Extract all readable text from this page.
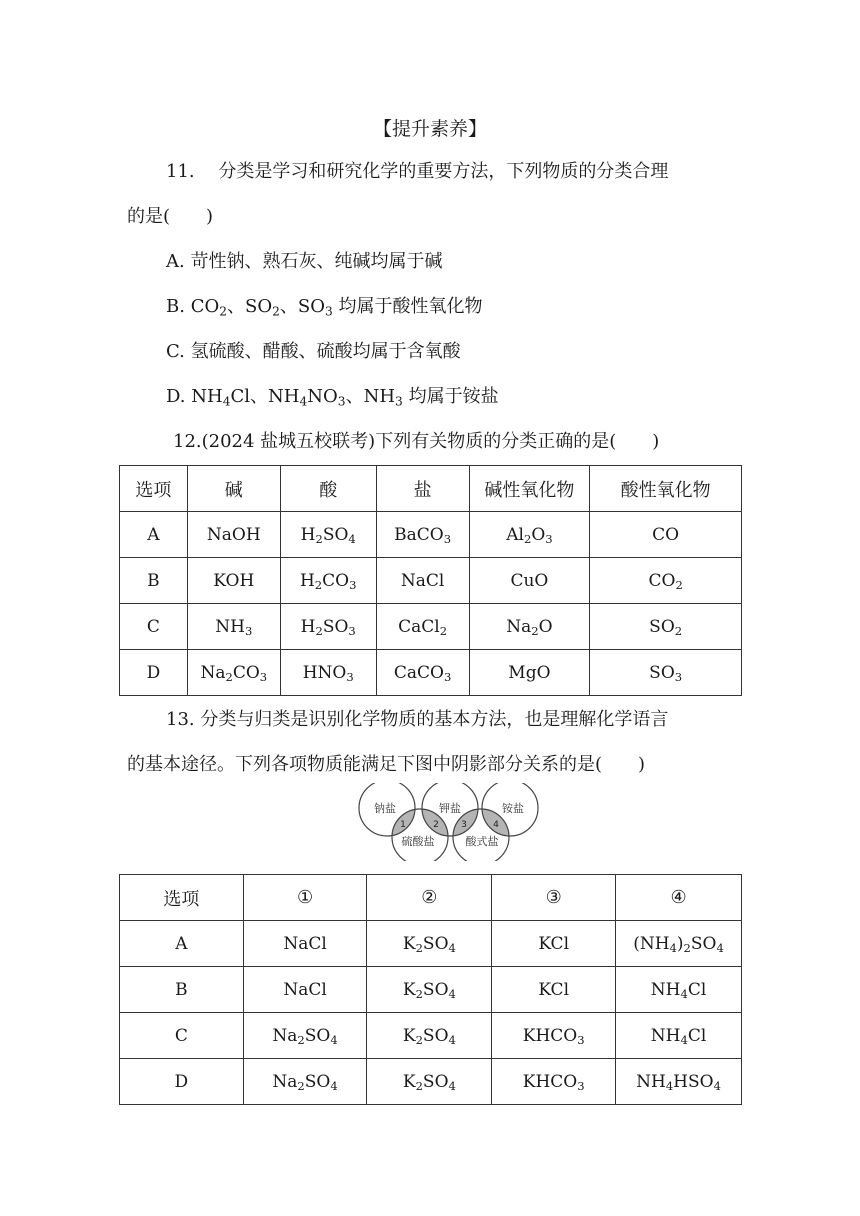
【提升素养】
11.　 分类是学习和研究化学的重要方法，下列物质的分类合理
的是(　　)
A. 苛性钠、熟石灰、纯碱均属于碱
B. $CO_2$、$SO_2$、$SO_3$ 均属于酸性氧化物
C. 氢硫酸、醋酸、硫酸均属于含氧酸
D. $NH_4Cl$、$NH_4NO_3$、$NH_3$ 均属于铵盐
12.(2024 盐城五校联考)下列有关物质的分类正确的是(　　)
选项	碱	酸	盐	碱性氧化物	酸性氧化物
A	NaOH	$H_2SO_4$	BaCO$_3$	$Al_2O_3$	CO
B	KOH	$H_2CO_3$	NaCl	CuO	$CO_2$
C	$NH_3$	$H_2SO_3$	CaCl$_2$	$Na_2O$	$SO_2$
D	$Na_2CO_3$	$HNO_3$	CaCO$_3$	MgO	$SO_3$
13. 分类与归类是识别化学物质的基本方法，也是理解化学语言
的基本途径。下列各项物质能满足下图中阴影部分关系的是(　　)
钠盐	钾盐	铵盐
硫酸盐	酸式盐
1	2 3	4
选项	①	②	③	④
A	NaCl	$K_2SO_4$	KCl	$(NH_4)_2SO_4$
B	NaCl	$K_2SO_4$	KCl	$NH_4Cl$
C	$Na_2SO_4$	$K_2SO_4$	$KHCO_3$	$NH_4Cl$
D	$Na_2SO_4$	$K_2SO_4$	$KHCO_3$	$NH_4HSO_4$
